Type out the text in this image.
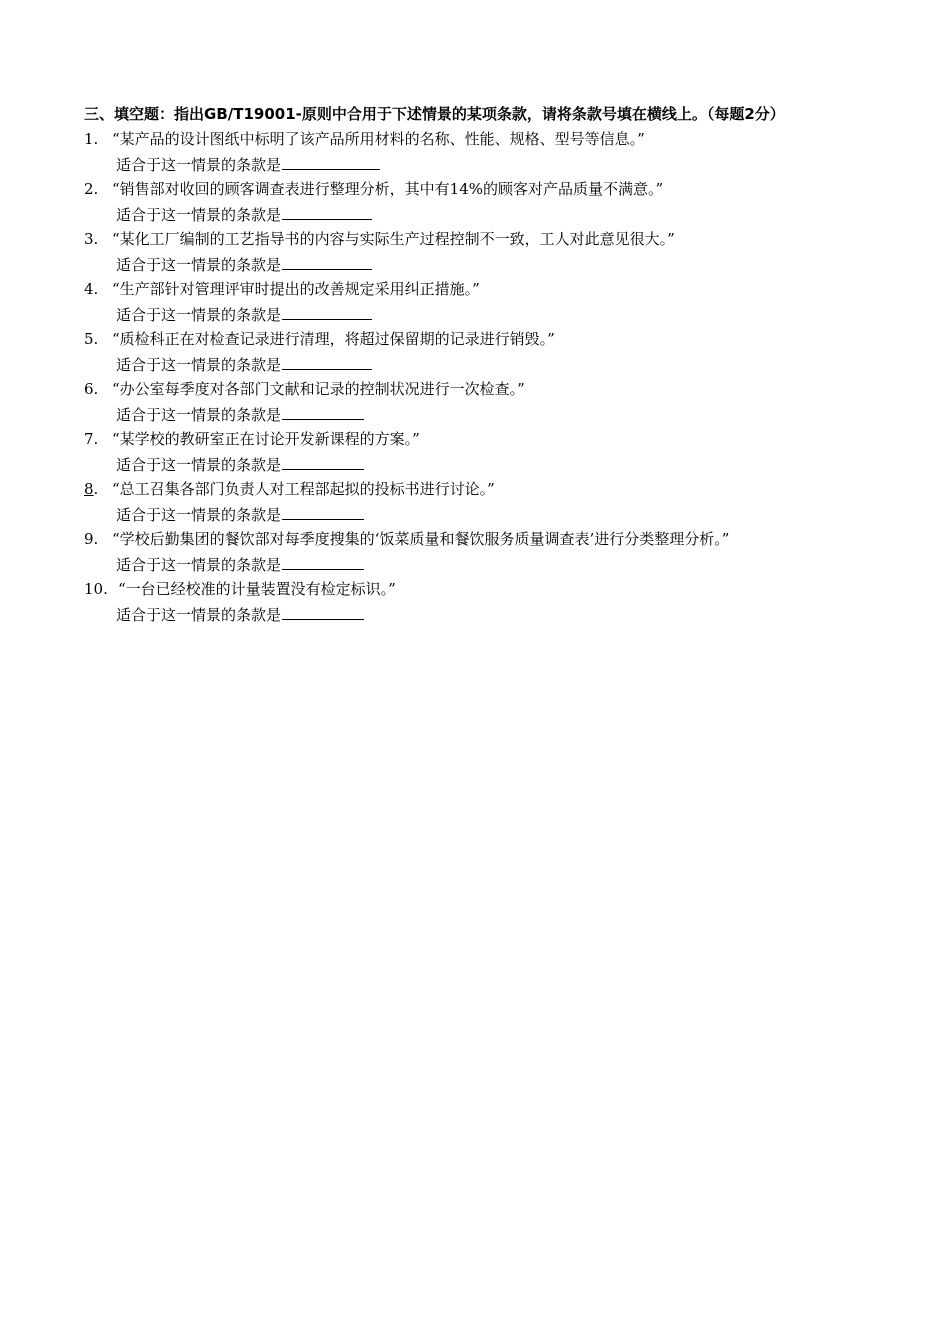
三、填空题：指出GB/T19001-原则中合用于下述情景的某项条款，请将条款号填在横线上。（每题2分）
1. “某产品的设计图纸中标明了该产品所用材料的名称、性能、规格、型号等信息。”
适合于这一情景的条款是
2. “销售部对收回的顾客调查表进行整理分析，其中有14%的顾客对产品质量不满意。”
适合于这一情景的条款是
3. “某化工厂编制的工艺指导书的内容与实际生产过程控制不一致，工人对此意见很大。”
适合于这一情景的条款是
4. “生产部针对管理评审时提出的改善规定采用纠正措施。”
适合于这一情景的条款是
5. “质检科正在对检查记录进行清理，将超过保留期的记录进行销毁。”
适合于这一情景的条款是
6. “办公室每季度对各部门文献和记录的控制状况进行一次检查。”
适合于这一情景的条款是
7. “某学校的教研室正在讨论开发新课程的方案。”
适合于这一情景的条款是
8. “总工召集各部门负责人对工程部起拟的投标书进行讨论。”
适合于这一情景的条款是
9. “学校后勤集团的餐饮部对每季度搜集的‘饭菜质量和餐饮服务质量调查表’进行分类整理分析。”
适合于这一情景的条款是
10. “一台已经校准的计量装置没有检定标识。”
适合于这一情景的条款是
